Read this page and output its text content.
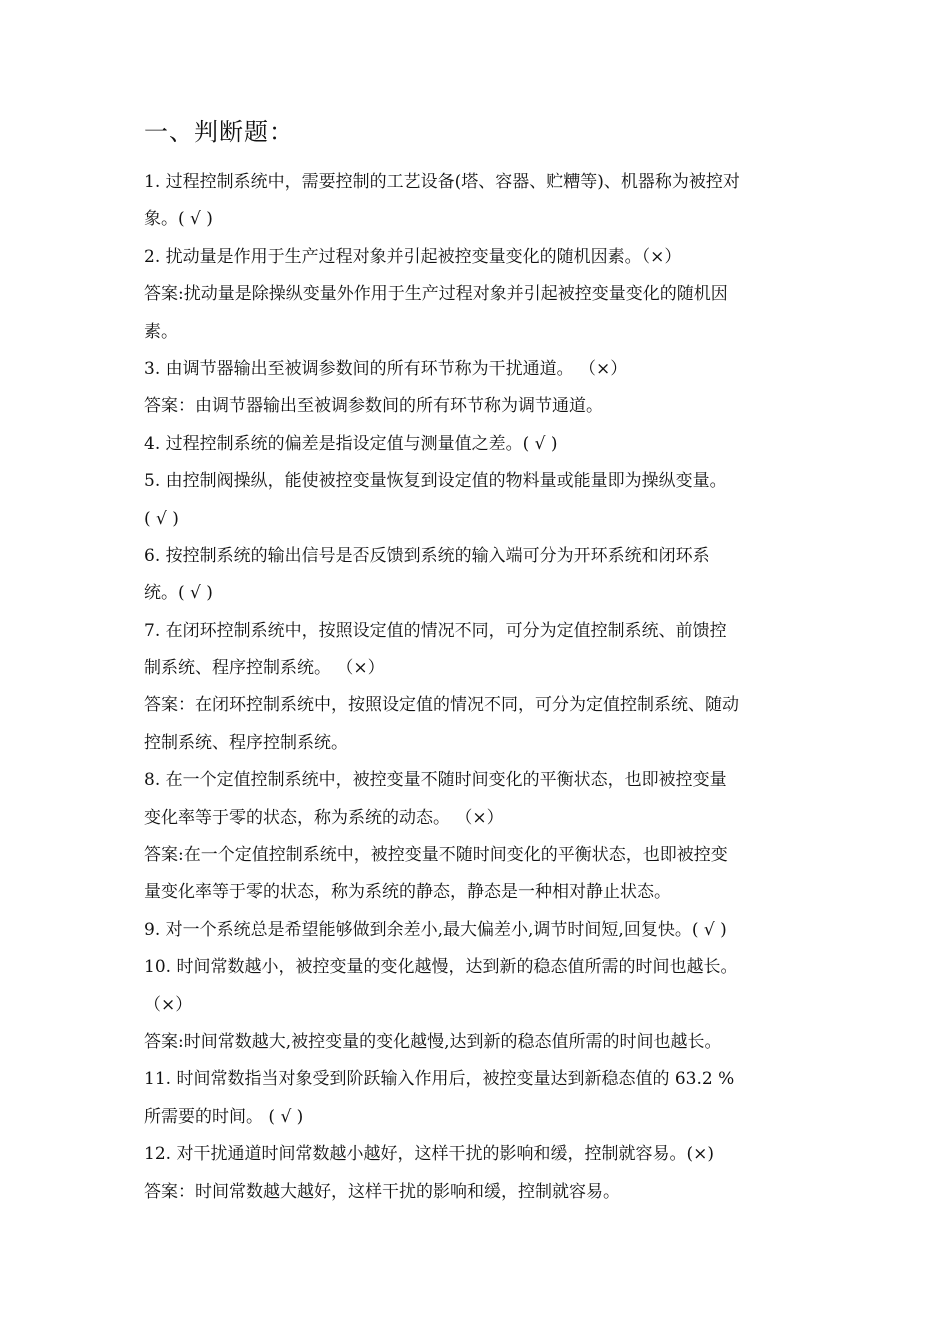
一、判断题：
1. 过程控制系统中，需要控制的工艺设备(塔、容器、贮糟等)、机器称为被控对
象。( √ )
2. 扰动量是作用于生产过程对象并引起被控变量变化的随机因素。（×）
答案:扰动量是除操纵变量外作用于生产过程对象并引起被控变量变化的随机因
素。
3. 由调节器输出至被调参数间的所有环节称为干扰通道。 （×）
答案：由调节器输出至被调参数间的所有环节称为调节通道。
4. 过程控制系统的偏差是指设定值与测量值之差。( √ )
5. 由控制阀操纵，能使被控变量恢复到设定值的物料量或能量即为操纵变量。
( √ )
6. 按控制系统的输出信号是否反馈到系统的输入端可分为开环系统和闭环系
统。( √ )
7. 在闭环控制系统中，按照设定值的情况不同，可分为定值控制系统、前馈控
制系统、程序控制系统。 （×）
答案：在闭环控制系统中，按照设定值的情况不同，可分为定值控制系统、随动
控制系统、程序控制系统。
8. 在一个定值控制系统中，被控变量不随时间变化的平衡状态，也即被控变量
变化率等于零的状态，称为系统的动态。 （×）
答案:在一个定值控制系统中，被控变量不随时间变化的平衡状态，也即被控变
量变化率等于零的状态，称为系统的静态，静态是一种相对静止状态。
9. 对一个系统总是希望能够做到余差小,最大偏差小,调节时间短,回复快。( √ )
10. 时间常数越小，被控变量的变化越慢，达到新的稳态值所需的时间也越长。
（×）
答案:时间常数越大,被控变量的变化越慢,达到新的稳态值所需的时间也越长。
11. 时间常数指当对象受到阶跃输入作用后，被控变量达到新稳态值的 63.2 %
所需要的时间。 ( √ )
12. 对干扰通道时间常数越小越好，这样干扰的影响和缓，控制就容易。(×)
答案：时间常数越大越好，这样干扰的影响和缓，控制就容易。
